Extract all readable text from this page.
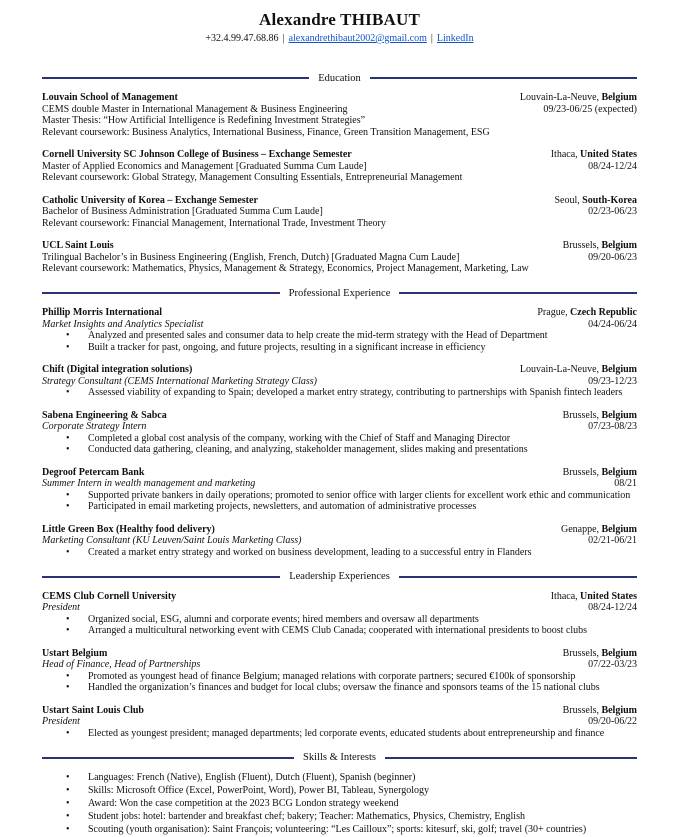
Alexandre THIBAUT
+32.4.99.47.68.86 | alexandrethibaut2002@gmail.com | LinkedIn
Education
Louvain School of Management	Louvain-La-Neuve, Belgium
CEMS double Master in International Management & Business Engineering	09/23-06/25 (expected)
Master Thesis: “How Artificial Intelligence is Redefining Investment Strategies”
Relevant coursework: Business Analytics, International Business, Finance, Green Transition Management, ESG
Cornell University SC Johnson College of Business – Exchange Semester	Ithaca, United States
Master of Applied Economics and Management [Graduated Summa Cum Laude]	08/24-12/24
Relevant coursework: Global Strategy, Management Consulting Essentials, Entrepreneurial Management
Catholic University of Korea – Exchange Semester	Seoul, South-Korea
Bachelor of Business Administration [Graduated Summa Cum Laude]	02/23-06/23
Relevant coursework: Financial Management, International Trade, Investment Theory
UCL Saint Louis	Brussels, Belgium
Trilingual Bachelor’s in Business Engineering (English, French, Dutch) [Graduated Magna Cum Laude]	09/20-06/23
Relevant coursework: Mathematics, Physics, Management & Strategy, Economics, Project Management, Marketing, Law
Professional Experience
Phillip Morris International	Prague, Czech Republic
Market Insights and Analytics Specialist	04/24-06/24
• Analyzed and presented sales and consumer data to help create the mid-term strategy with the Head of Department
• Built a tracker for past, ongoing, and future projects, resulting in a significant increase in efficiency
Chift (Digital integration solutions)	Louvain-La-Neuve, Belgium
Strategy Consultant (CEMS International Marketing Strategy Class)	09/23-12/23
• Assessed viability of expanding to Spain; developed a market entry strategy, contributing to partnerships with Spanish fintech leaders
Sabena Engineering & Sabca	Brussels, Belgium
Corporate Strategy Intern	07/23-08/23
• Completed a global cost analysis of the company, working with the Chief of Staff and Managing Director
• Conducted data gathering, cleaning, and analyzing, stakeholder management, slides making and presentations
Degroof Petercam Bank	Brussels, Belgium
Summer Intern in wealth management and marketing	08/21
• Supported private bankers in daily operations; promoted to senior office with larger clients for excellent work ethic and communication
• Participated in email marketing projects, newsletters, and automation of administrative processes
Little Green Box (Healthy food delivery)	Genappe, Belgium
Marketing Consultant (KU Leuven/Saint Louis Marketing Class)	02/21-06/21
• Created a market entry strategy and worked on business development, leading to a successful entry in Flanders
Leadership Experiences
CEMS Club Cornell University	Ithaca, United States
President	08/24-12/24
• Organized social, ESG, alumni and corporate events; hired members and oversaw all departments
• Arranged a multicultural networking event with CEMS Club Canada; cooperated with international presidents to boost clubs
Ustart Belgium	Brussels, Belgium
Head of Finance, Head of Partnerships	07/22-03/23
• Promoted as youngest head of finance Belgium; managed relations with corporate partners; secured €100k of sponsorship
• Handled the organization’s finances and budget for local clubs; oversaw the finance and sponsors teams of the 15 national clubs
Ustart Saint Louis Club	Brussels, Belgium
President	09/20-06/22
• Elected as youngest president; managed departments; led corporate events, educated students about entrepreneurship and finance
Skills & Interests
• Languages: French (Native), English (Fluent), Dutch (Fluent), Spanish (beginner)
• Skills: Microsoft Office (Excel, PowerPoint, Word), Power BI, Tableau, Synergology
• Award: Won the case competition at the 2023 BCG London strategy weekend
• Student jobs: hotel: bartender and breakfast chef; bakery; Teacher: Mathematics, Physics, Chemistry, English
• Scouting (youth organisation): Saint François; volunteering: “Les Cailloux”; sports: kitesurf, ski, golf; travel (30+ countries)
